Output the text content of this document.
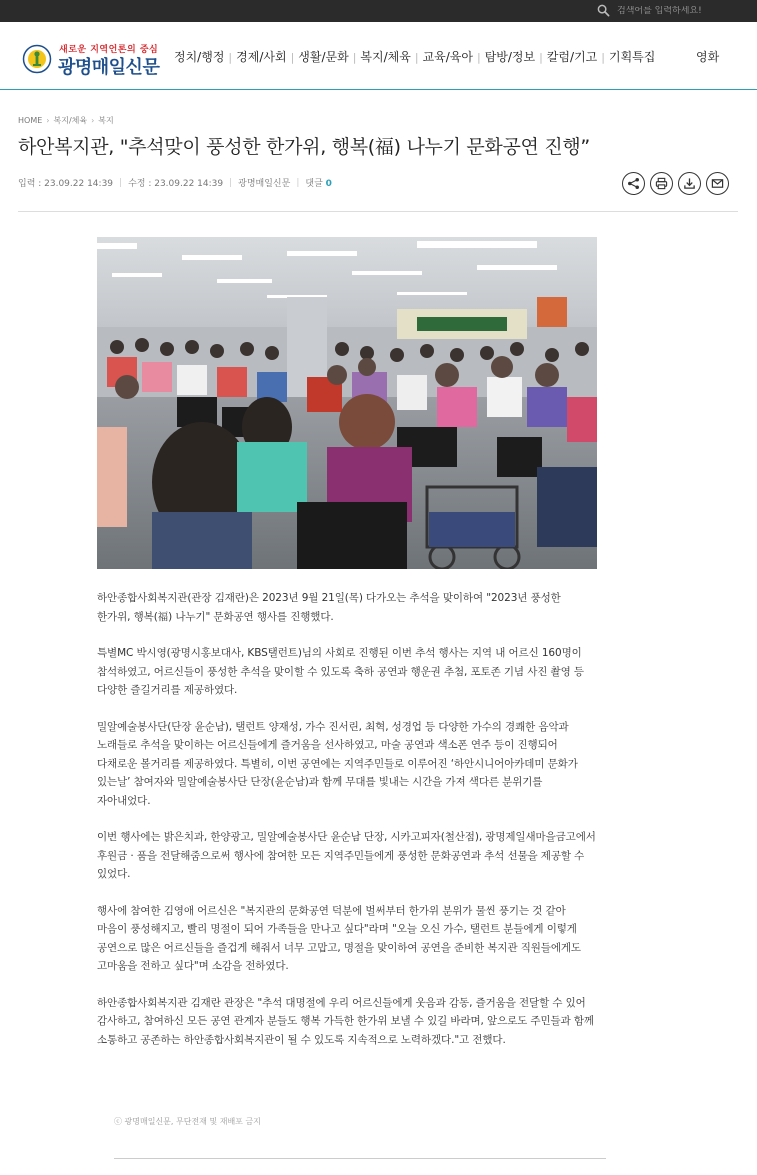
검색어를 입력하세요!
새로운 지역언론의 중심
광명매일신문	정치/행정 | 경제/사회 | 생활/문화 | 복지/체육 | 교육/육아 | 탐방/정보 | 칼럼/기고 | 기획특집	영화
HOME › 복지/체육 › 복지
하안복지관, "추석맞이 풍성한 한가위, 행복(福) 나누기 문화공연 진행”
입력 : 23.09.22 14:39 | 수정 : 23.09.22 14:39 | 광명매일신문 | 댓글 0

하안종합사회복지관(관장 김재란)은 2023년 9월 21일(목) 다가오는 추석을 맞이하여 "2023년 풍성한 한가위, 행복(福) 나누기" 문화공연 행사를 진행했다.

특별MC 박시영(광명시홍보대사, KBS탤런트)님의 사회로 진행된 이번 추석 행사는 지역 내 어르신 160명이 참석하였고, 어르신들이 풍성한 추석을 맞이할 수 있도록 축하 공연과 행운권 추첨, 포토존 기념 사진 촬영 등 다양한 즐길거리를 제공하였다.

밀알예술봉사단(단장 윤순남), 탤런트 양재성, 가수 진서린, 최혁, 성경업 등 다양한 가수의 경쾌한 음악과 노래들로 추석을 맞이하는 어르신들에게 즐거움을 선사하였고, 마술 공연과 색소폰 연주 등이 진행되어 다채로운 볼거리를 제공하였다. 특별히, 이번 공연에는 지역주민들로 이루어진 ‘하안시니어아카데미 문화가 있는날’ 참여자와 밀알예술봉사단 단장(윤순남)과 함께 무대를 빛내는 시간을 가져 색다른 분위기를 자아내었다.

이번 행사에는 밝은치과, 한양광고, 밀알예술봉사단 윤순남 단장, 시카고피자(철산점), 광명제일새마을금고에서 후원금 · 품을 전달해줌으로써 행사에 참여한 모든 지역주민들에게 풍성한 문화공연과 추석 선물을 제공할 수 있었다.

행사에 참여한 김영애 어르신은 "복지관의 문화공연 덕분에 벌써부터 한가위 분위가 물씬 풍기는 것 같아 마음이 풍성해지고, 빨리 명절이 되어 가족들을 만나고 싶다"라며 "오늘 오신 가수, 탤런트 분들에게 이렇게 공연으로 많은 어르신들을 즐겁게 해줘서 너무 고맙고, 명절을 맞이하여 공연을 준비한 복지관 직원들에게도 고마움을 전하고 싶다"며 소감을 전하였다.

하안종합사회복지관 김재란 관장은 "추석 대명절에 우리 어르신들에게 웃음과 감동, 즐거움을 전달할 수 있어 감사하고, 참여하신 모든 공연 관계자 분들도 행복 가득한 한가위 보낼 수 있길 바라며, 앞으로도 주민들과 함께 소통하고 공존하는 하안종합사회복지관이 될 수 있도록 지속적으로 노력하겠다."고 전했다.

ⓒ 광명매일신문, 무단전재 및 재배포 금지
